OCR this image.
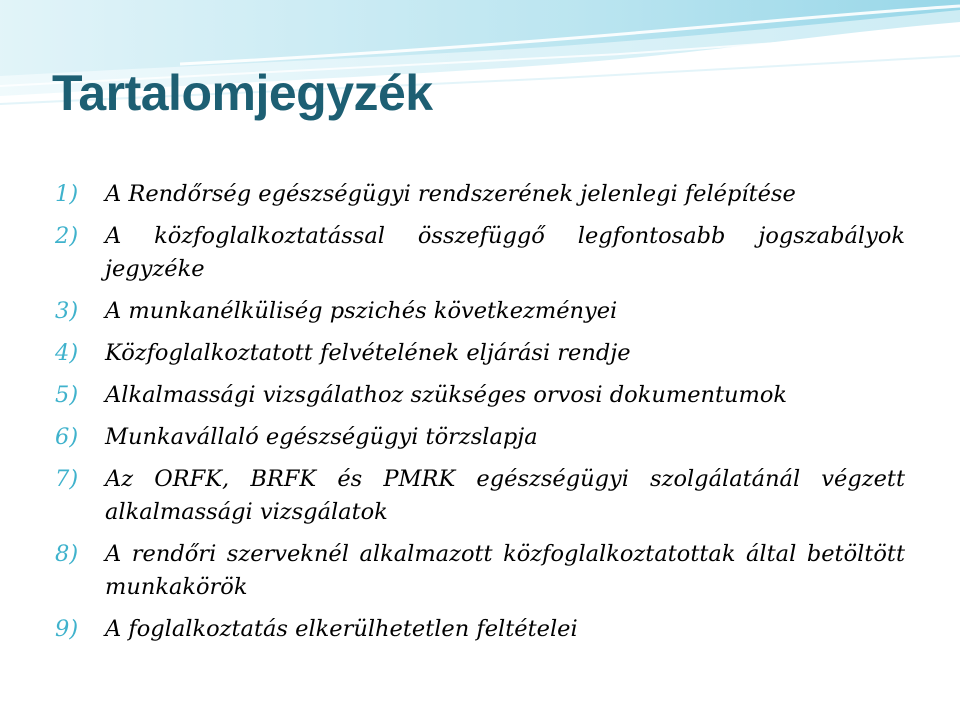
Tartalomjegyzék
1)	A Rendőrség egészségügyi rendszerének jelenlegi felépítése
2)	A közfoglalkoztatással összefüggő legfontosabb jogszabályok jegyzéke
3)	A munkanélküliség pszichés következményei
4)	Közfoglalkoztatott felvételének eljárási rendje
5)	Alkalmassági vizsgálathoz szükséges orvosi dokumentumok
6)	Munkavállaló egészségügyi törzslapja
7)	Az ORFK, BRFK és PMRK egészségügyi szolgálatánál végzett alkalmassági vizsgálatok
8)	A rendőri szerveknél alkalmazott közfoglalkoztatottak által betöltött munkakörök
9)	A foglalkoztatás elkerülhetetlen feltételei
